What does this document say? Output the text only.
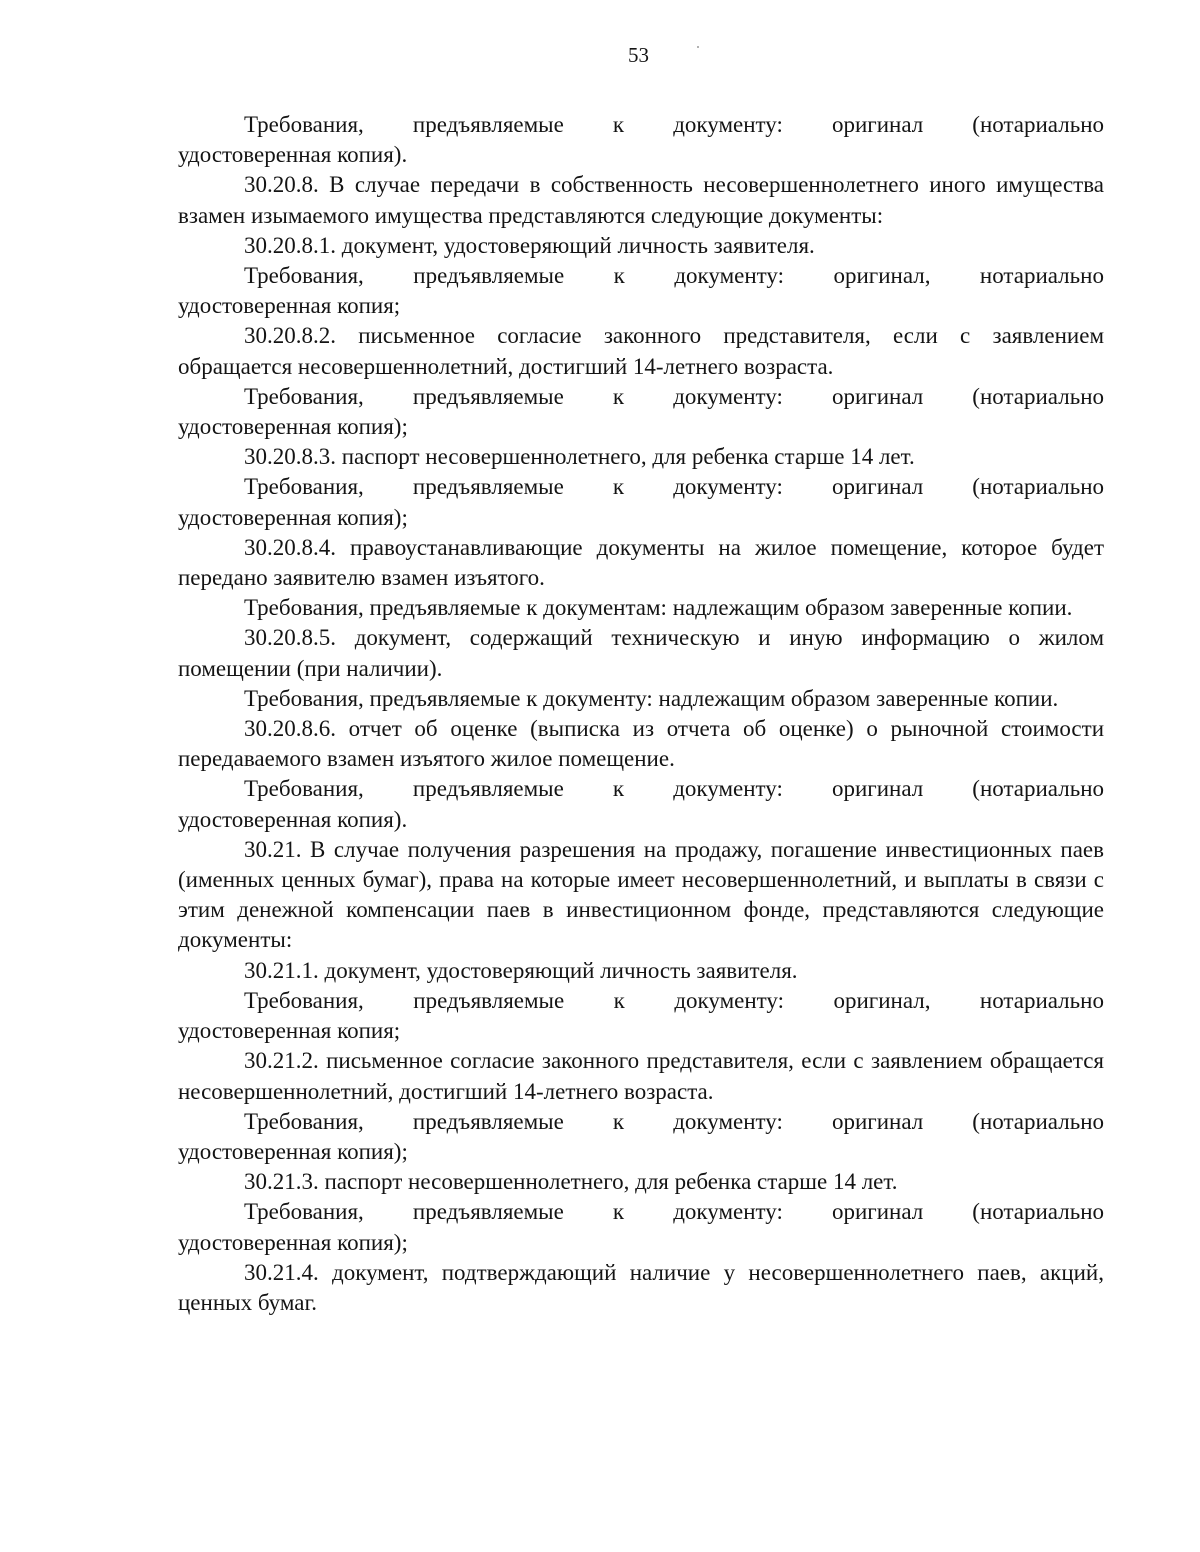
53
Требования, предъявляемые к документу: оригинал (нотариально

удостоверенная копия).

30.20.8. В случае передачи в собственность несовершеннолетнего иного имущества взамен изымаемого имущества представляются следующие документы:

30.20.8.1. документ, удостоверяющий личность заявителя.

Требования, предъявляемые к документу: оригинал, нотариально

удостоверенная копия;

30.20.8.2. письменное согласие законного представителя, если с заявлением обращается несовершеннолетний, достигший 14-летнего возраста.

Требования, предъявляемые к документу: оригинал (нотариально

удостоверенная копия);

30.20.8.3. паспорт несовершеннолетнего, для ребенка старше 14 лет.

Требования, предъявляемые к документу: оригинал (нотариально

удостоверенная копия);

30.20.8.4. правоустанавливающие документы на жилое помещение, которое будет передано заявителю взамен изъятого.

Требования, предъявляемые к документам: надлежащим образом заверенные копии.

30.20.8.5. документ, содержащий техническую и иную информацию о жилом помещении (при наличии).

Требования, предъявляемые к документу: надлежащим образом заверенные копии.

30.20.8.6. отчет об оценке (выписка из отчета об оценке) о рыночной стоимости передаваемого взамен изъятого жилое помещение.

Требования, предъявляемые к документу: оригинал (нотариально

удостоверенная копия).

30.21. В случае получения разрешения на продажу, погашение инвестиционных паев (именных ценных бумаг), права на которые имеет несовершеннолетний, и выплаты в связи с этим денежной компенсации паев в инвестиционном фонде, представляются следующие документы:

30.21.1. документ, удостоверяющий личность заявителя.

Требования, предъявляемые к документу: оригинал, нотариально

удостоверенная копия;

30.21.2. письменное согласие законного представителя, если с заявлением обращается несовершеннолетний, достигший 14-летнего возраста.

Требования, предъявляемые к документу: оригинал (нотариально

удостоверенная копия);

30.21.3. паспорт несовершеннолетнего, для ребенка старше 14 лет.

Требования, предъявляемые к документу: оригинал (нотариально

удостоверенная копия);

30.21.4. документ, подтверждающий наличие у несовершеннолетнего паев, акций, ценных бумаг.
